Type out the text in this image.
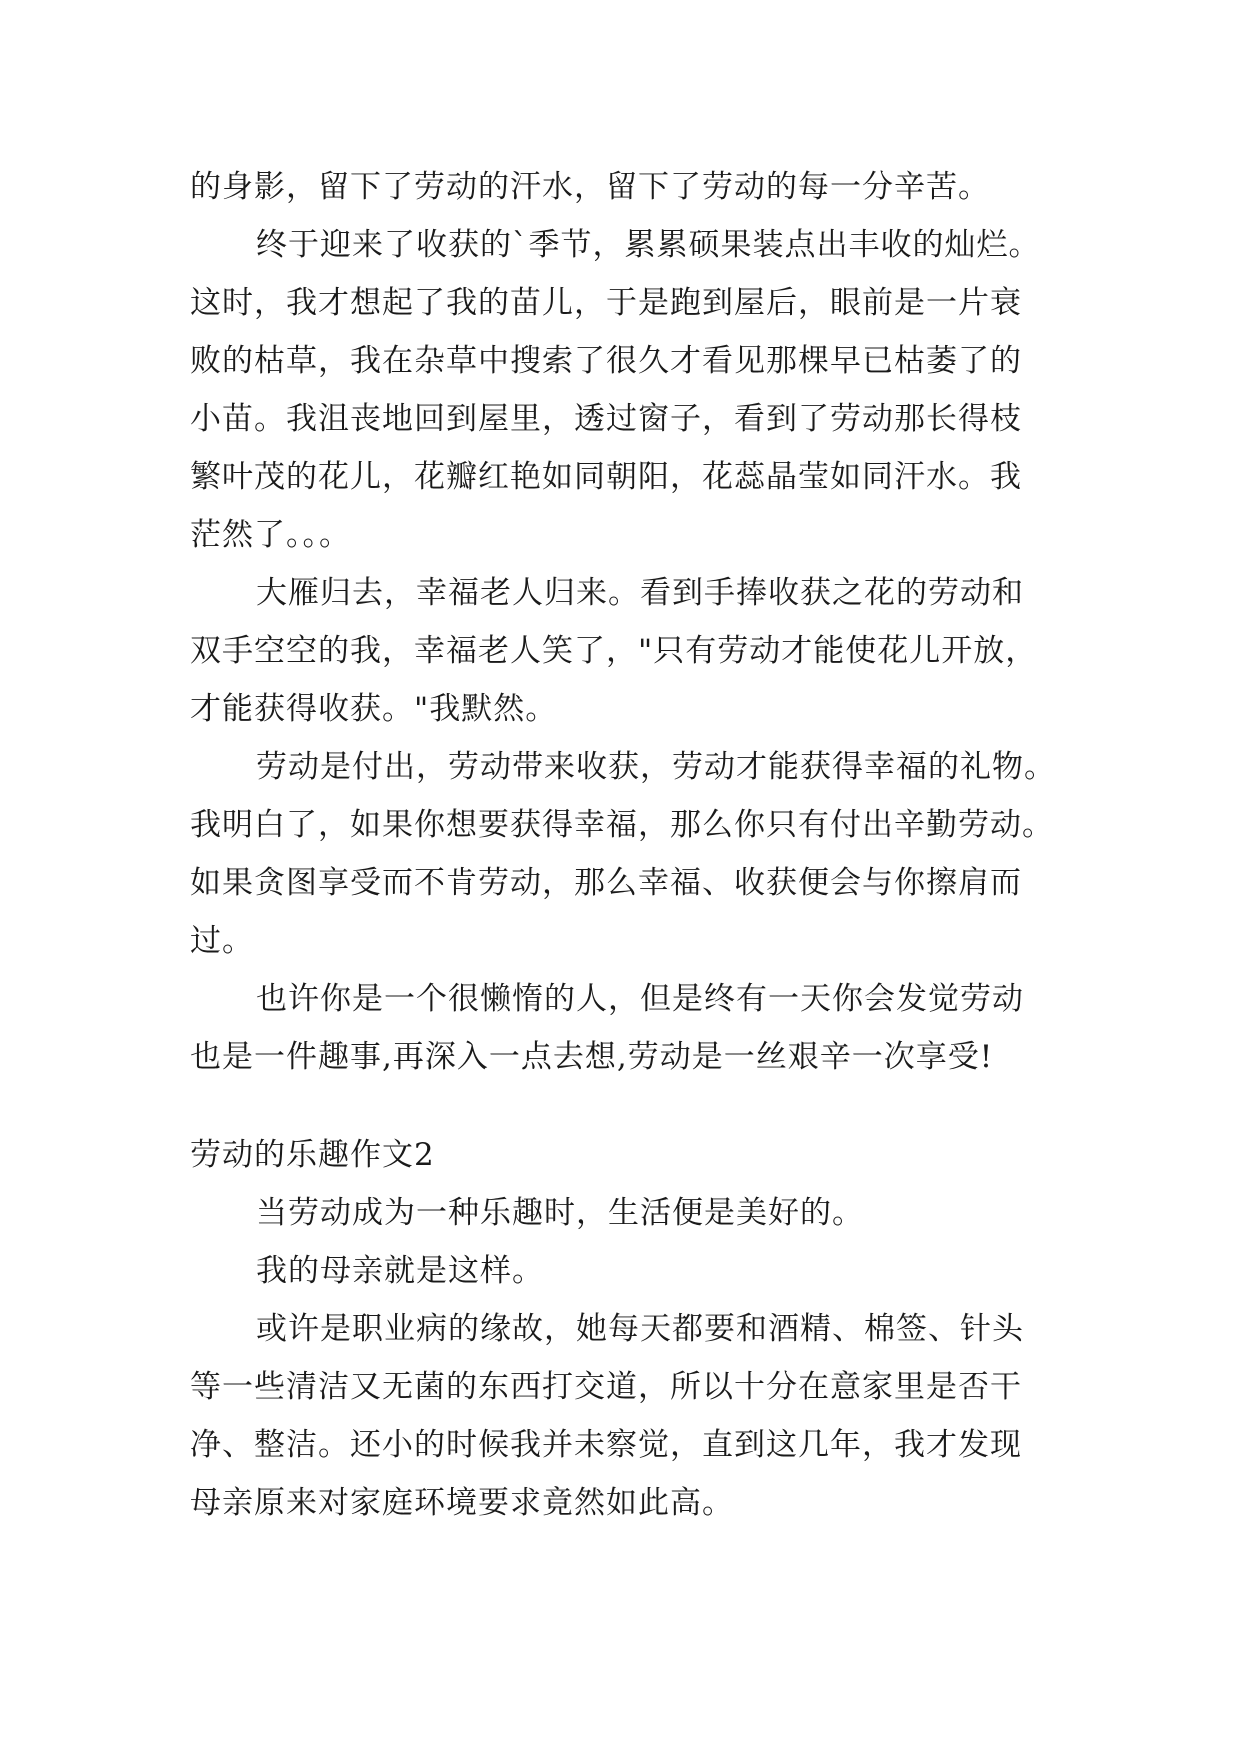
的身影，留下了劳动的汗水，留下了劳动的每一分辛苦。
终于迎来了收获的`季节，累累硕果装点出丰收的灿烂。
这时，我才想起了我的苗儿，于是跑到屋后，眼前是一片衰
败的枯草，我在杂草中搜索了很久才看见那棵早已枯萎了的
小苗。我沮丧地回到屋里，透过窗子，看到了劳动那长得枝
繁叶茂的花儿，花瓣红艳如同朝阳，花蕊晶莹如同汗水。我
茫然了。。。
大雁归去，幸福老人归来。看到手捧收获之花的劳动和
双手空空的我，幸福老人笑了，"只有劳动才能使花儿开放，
才能获得收获。"我默然。
劳动是付出，劳动带来收获，劳动才能获得幸福的礼物。
我明白了，如果你想要获得幸福，那么你只有付出辛勤劳动。
如果贪图享受而不肯劳动，那么幸福、收获便会与你擦肩而
过。
也许你是一个很懒惰的人，但是终有一天你会发觉劳动
也是一件趣事,再深入一点去想,劳动是一丝艰辛一次享受!
劳动的乐趣作文2
当劳动成为一种乐趣时，生活便是美好的。
我的母亲就是这样。
或许是职业病的缘故，她每天都要和酒精、棉签、针头
等一些清洁又无菌的东西打交道，所以十分在意家里是否干
净、整洁。还小的时候我并未察觉，直到这几年，我才发现
母亲原来对家庭环境要求竟然如此高。
